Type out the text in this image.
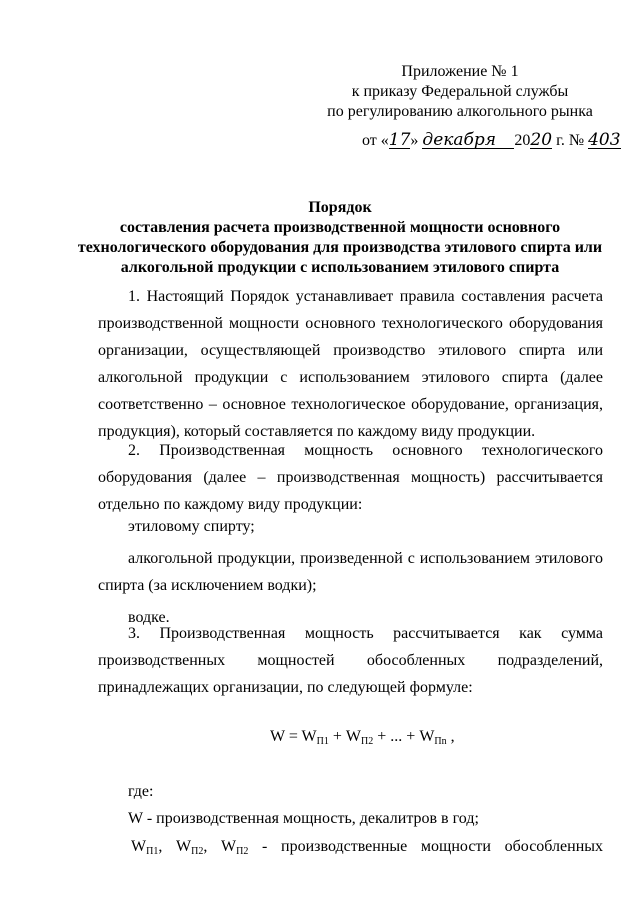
Приложение № 1
к приказу Федеральной службы
по регулированию алкогольного рынка
от «17» декабря 2020 г. № 403
Порядок
составления расчета производственной мощности основного
технологического оборудования для производства этилового спирта или
алкогольной продукции с использованием этилового спирта
1. Настоящий Порядок устанавливает правила составления расчета
производственной мощности основного технологического оборудования
организации, осуществляющей производство этилового спирта или
алкогольной продукции с использованием этилового спирта (далее
соответственно – основное технологическое оборудование, организация,
продукция), который составляется по каждому виду продукции.
2. Производственная мощность основного технологического
оборудования (далее – производственная мощность) рассчитывается
отдельно по каждому виду продукции:
этиловому спирту;
алкогольной продукции, произведенной с использованием этилового
спирта (за исключением водки);
водке.
3. Производственная мощность рассчитывается как сумма
производственных мощностей обособленных подразделений,
принадлежащих организации, по следующей формуле:
$W = W_{П1} + W_{П2}$ + ... + $W_{Пn}$ ,
где:
W - производственная мощность, декалитров в год;
$W_{П1}$, $W_{П2}$, $W_{П2}$ - производственные мощности обособленных
